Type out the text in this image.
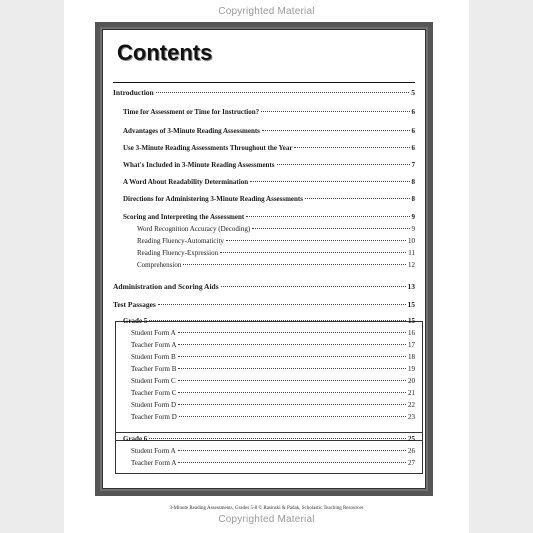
Copyrighted Material
Contents
Introduction	5
Time for Assessment or Time for Instruction?	6
Advantages of 3-Minute Reading Assessments	6
Use 3-Minute Reading Assessments Throughout the Year	6
What's Included in 3-Minute Reading Assessments	7
A Word About Readability Determination	8
Directions for Administering 3-Minute Reading Assessments	8
Scoring and Interpreting the Assessment	9
Word Recognition Accuracy (Decoding)	9
Reading Fluency-Automaticity	10
Reading Fluency-Expression	11
Comprehension	12
Administration and Scoring Aids	13
Test Passages	15
Grade 5	15
Student Form A	16
Teacher Form A	17
Student Form B	18
Teacher Form B	19
Student Form C	20
Teacher Form C	21
Student Form D	22
Teacher Form D	23
Grade 6	25
Student Form A	26
Teacher Form A	27
3-Minute Reading Assessments, Grades 5-8 © Rasinski & Padak, Scholastic Teaching Resources
Copyrighted Material
